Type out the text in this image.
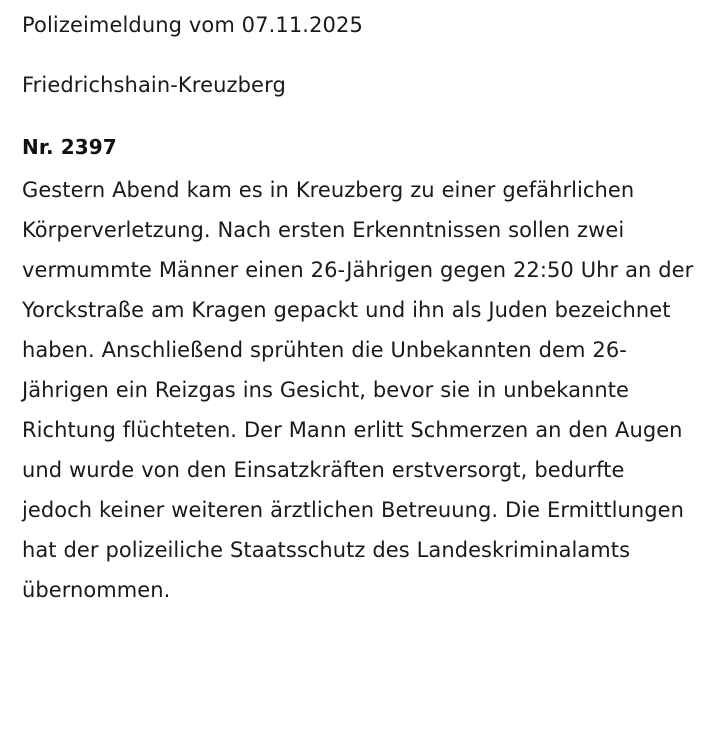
Polizeimeldung vom 07.11.2025

Friedrichshain-Kreuzberg

Nr. 2397

Gestern Abend kam es in Kreuzberg zu einer gefährlichen Körperverletzung. Nach ersten Erkenntnissen sollen zwei vermummte Männer einen 26-Jährigen gegen 22:50 Uhr an der Yorckstraße am Kragen gepackt und ihn als Juden bezeichnet haben. Anschließend sprühten die Unbekannten dem 26-Jährigen ein Reizgas ins Gesicht, bevor sie in unbekannte Richtung flüchteten. Der Mann erlitt Schmerzen an den Augen und wurde von den Einsatzkräften erstversorgt, bedurfte jedoch keiner weiteren ärztlichen Betreuung. Die Ermittlungen hat der polizeiliche Staatsschutz des Landeskriminalamts übernommen.
